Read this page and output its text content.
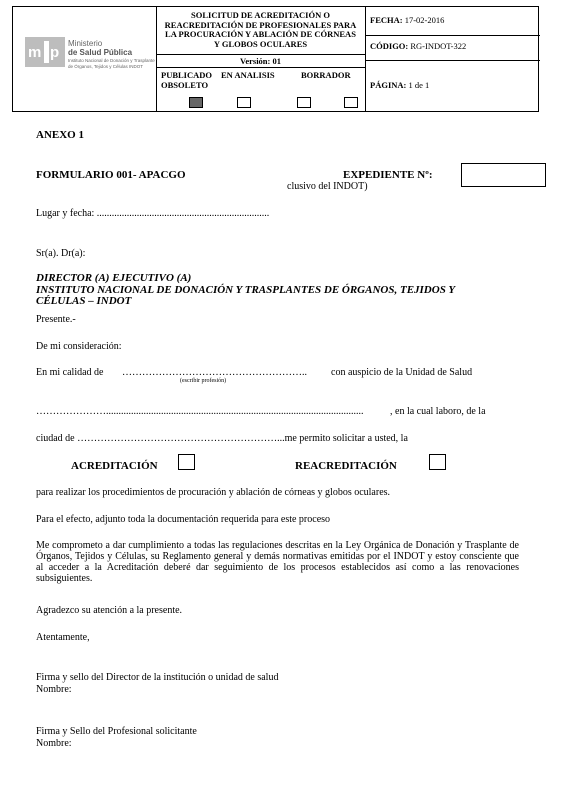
m p
Ministerio
de Salud Pública
Instituto Nacional de Donación y Trasplante de Órganos, Tejidos y Células INDOT
SOLICITUD DE ACREDITACIÓN O
REACREDITACIÓN DE PROFESIONALES PARA
LA PROCURACIÓN Y ABLACIÓN DE CÓRNEAS
Y GLOBOS OCULARES
Versión: 01
PUBLICADO EN ANALISIS	BORRADOR
OBSOLETO
FECHA: 17-02-2016
CÓDIGO: RG-INDOT-322
PÁGINA: 1 de 1
ANEXO 1
FORMULARIO 001- APACGO	EXPEDIENTE Nº:
clusivo del INDOT)
Lugar y fecha: .....................................................................
Sr(a). Dr(a):
DIRECTOR (A) EJECUTIVO (A)
INSTITUTO NACIONAL DE DONACIÓN Y TRASPLANTES DE ÓRGANOS, TEJIDOS Y
CÉLULAS – INDOT
Presente.-
De mi consideración:
En mi calidad de ……………………………………………….. con auspicio de la Unidad de Salud
(escribir profesión)
………………….......................................................................................................	, en la cual laboro, de la
ciudad de ……………………………………………………...me permito solicitar a usted, la
ACREDITACIÓN	REACREDITACIÓN
para realizar los procedimientos de procuración y ablación de córneas y globos oculares.
Para el efecto, adjunto toda la documentación requerida para este proceso
Me comprometo a dar cumplimiento a todas las regulaciones descritas en la Ley Orgánica de Donación y Trasplante de Órganos, Tejidos y Células, su Reglamento general y demás normativas emitidas por el INDOT y estoy consciente que al acceder a la Acreditación deberé dar seguimiento de los procesos establecidos así como a las renovaciones subsiguientes.
Agradezco su atención a la presente.
Atentamente,
Firma y sello del Director de la institución o unidad de salud
Nombre:
Firma y Sello del Profesional solicitante
Nombre:
